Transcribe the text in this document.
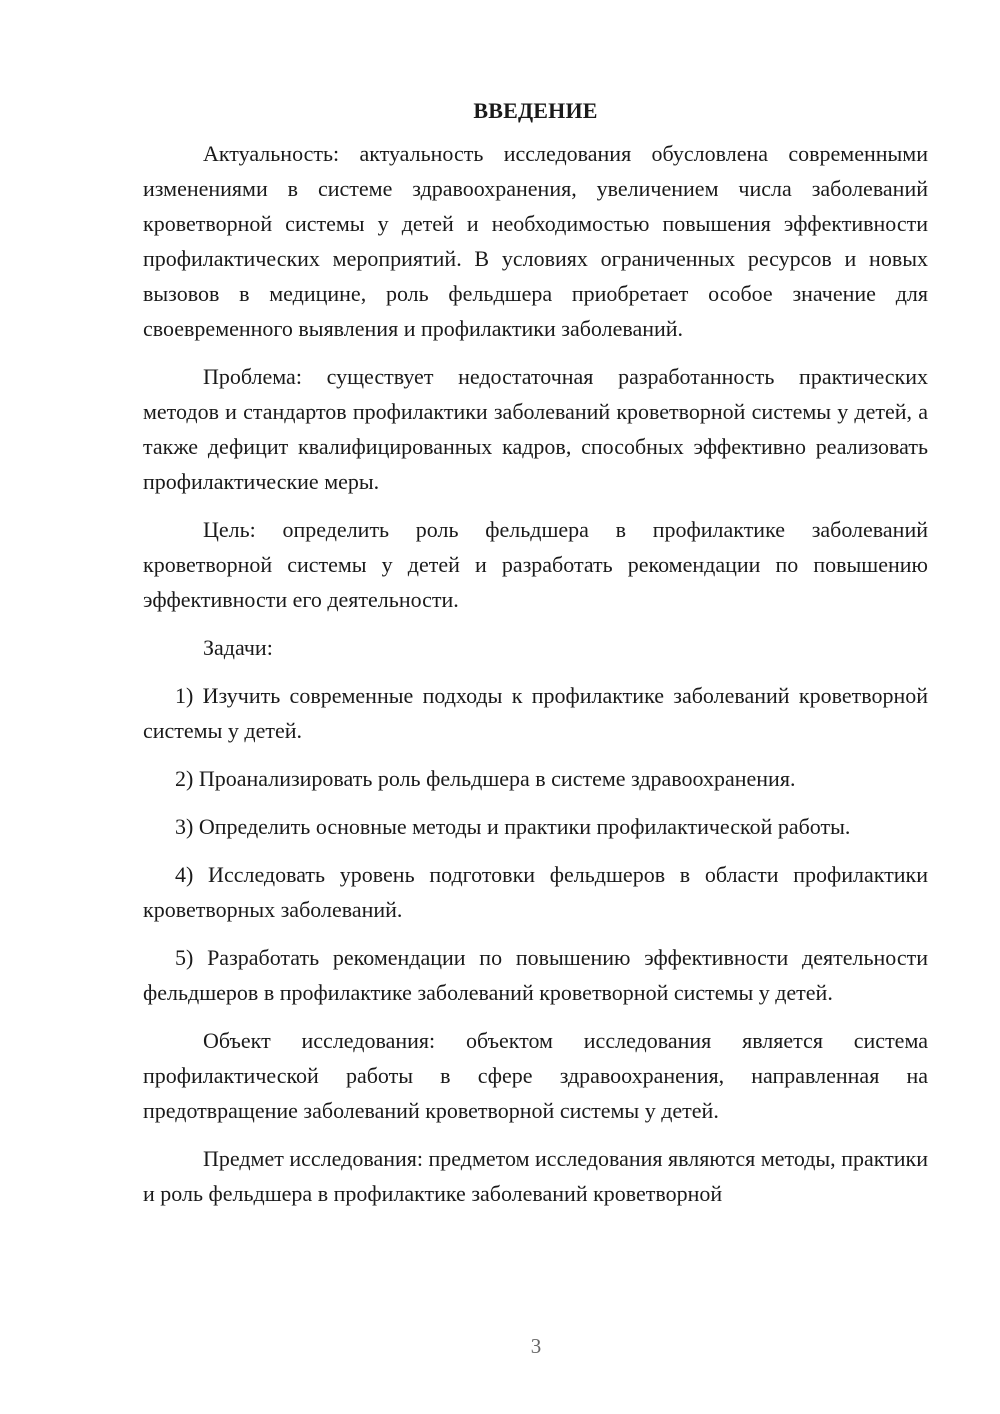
ВВЕДЕНИЕ

Актуальность: актуальность исследования обусловлена современными изменениями в системе здравоохранения, увеличением числа заболеваний кроветворной системы у детей и необходимостью повышения эффективности профилактических мероприятий. В условиях ограниченных ресурсов и новых вызовов в медицине, роль фельдшера приобретает особое значение для своевременного выявления и профилактики заболеваний.

Проблема: существует недостаточная разработанность практических методов и стандартов профилактики заболеваний кроветворной системы у детей, а также дефицит квалифицированных кадров, способных эффективно реализовать профилактические меры.

Цель: определить роль фельдшера в профилактике заболеваний кроветворной системы у детей и разработать рекомендации по повышению эффективности его деятельности.

Задачи:

1) Изучить современные подходы к профилактике заболеваний кроветворной системы у детей.

2) Проанализировать роль фельдшера в системе здравоохранения.

3) Определить основные методы и практики профилактической работы.

4) Исследовать уровень подготовки фельдшеров в области профилактики кроветворных заболеваний.

5) Разработать рекомендации по повышению эффективности деятельности фельдшеров в профилактике заболеваний кроветворной системы у детей.

Объект исследования: объектом исследования является система профилактической работы в сфере здравоохранения, направленная на предотвращение заболеваний кроветворной системы у детей.

Предмет исследования: предметом исследования являются методы, практики и роль фельдшера в профилактике заболеваний кроветворной

3
